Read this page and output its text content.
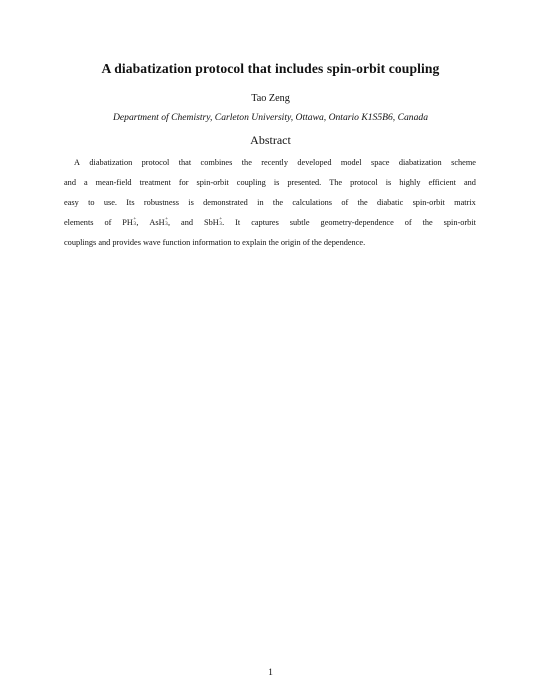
A diabatization protocol that includes spin-orbit coupling
Tao Zeng
Department of Chemistry, Carleton University, Ottawa, Ontario K1S5B6, Canada
Abstract
A diabatization protocol that combines the recently developed model space diabatization scheme
and a mean-field treatment for spin-orbit coupling is presented. The protocol is highly efficient and
easy to use. Its robustness is demonstrated in the calculations of the diabatic spin-orbit matrix
elements of PH +
3 , AsH +
3 , and SbH +
3 . It captures subtle geometry-dependence of the spin-orbit
couplings and provides wave function information to explain the origin of the dependence.
1
